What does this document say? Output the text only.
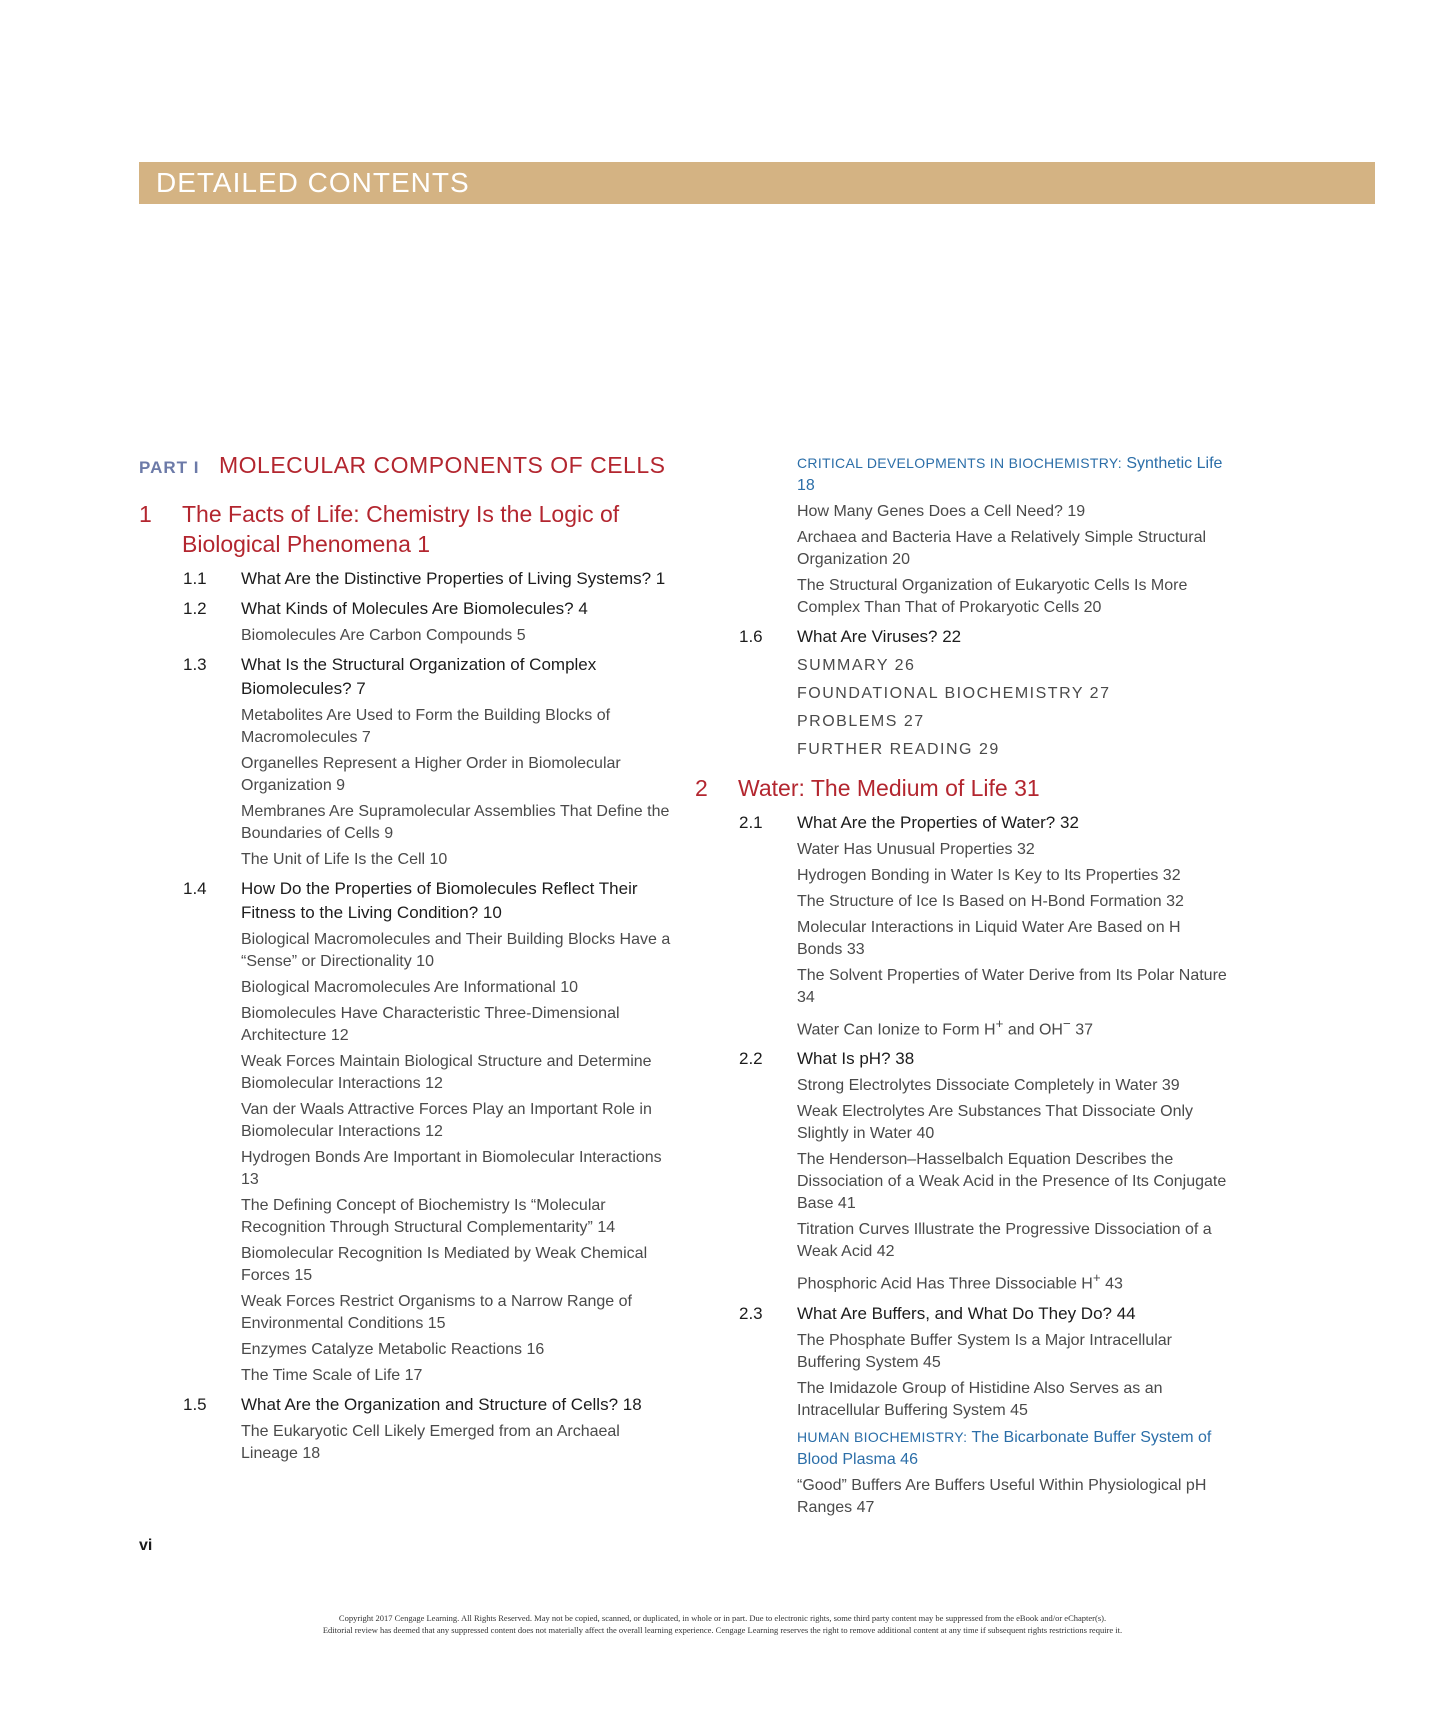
DETAILED CONTENTS
PART I MOLECULAR COMPONENTS OF CELLS
1	The Facts of Life: Chemistry Is the Logic of Biological Phenomena 1
1.1	What Are the Distinctive Properties of Living Systems? 1
1.2	What Kinds of Molecules Are Biomolecules? 4
Biomolecules Are Carbon Compounds 5
1.3	What Is the Structural Organization of Complex Biomolecules? 7
Metabolites Are Used to Form the Building Blocks of Macromolecules 7
Organelles Represent a Higher Order in Biomolecular Organization 9
Membranes Are Supramolecular Assemblies That Define the Boundaries of Cells 9
The Unit of Life Is the Cell 10
1.4	How Do the Properties of Biomolecules Reflect Their Fitness to the Living Condition? 10
Biological Macromolecules and Their Building Blocks Have a “Sense” or Directionality 10
Biological Macromolecules Are Informational 10
Biomolecules Have Characteristic Three-Dimensional Architecture 12
Weak Forces Maintain Biological Structure and Determine Biomolecular Interactions 12
Van der Waals Attractive Forces Play an Important Role in Biomolecular Interactions 12
Hydrogen Bonds Are Important in Biomolecular Interactions 13
The Defining Concept of Biochemistry Is “Molecular Recognition Through Structural Complementarity” 14
Biomolecular Recognition Is Mediated by Weak Chemical Forces 15
Weak Forces Restrict Organisms to a Narrow Range of Environmental Conditions 15
Enzymes Catalyze Metabolic Reactions 16
The Time Scale of Life 17
1.5	What Are the Organization and Structure of Cells? 18
The Eukaryotic Cell Likely Emerged from an Archaeal Lineage 18
CRITICAL DEVELOPMENTS IN BIOCHEMISTRY: Synthetic Life 18
How Many Genes Does a Cell Need? 19
Archaea and Bacteria Have a Relatively Simple Structural Organization 20
The Structural Organization of Eukaryotic Cells Is More Complex Than That of Prokaryotic Cells 20
1.6	What Are Viruses? 22
SUMMARY 26
FOUNDATIONAL BIOCHEMISTRY 27
PROBLEMS 27
FURTHER READING 29
2	Water: The Medium of Life 31
2.1	What Are the Properties of Water? 32
Water Has Unusual Properties 32
Hydrogen Bonding in Water Is Key to Its Properties 32
The Structure of Ice Is Based on H-Bond Formation 32
Molecular Interactions in Liquid Water Are Based on H Bonds 33
The Solvent Properties of Water Derive from Its Polar Nature 34
Water Can Ionize to Form H+ and OH− 37
2.2	What Is pH? 38
Strong Electrolytes Dissociate Completely in Water 39
Weak Electrolytes Are Substances That Dissociate Only Slightly in Water 40
The Henderson–Hasselbalch Equation Describes the Dissociation of a Weak Acid in the Presence of Its Conjugate Base 41
Titration Curves Illustrate the Progressive Dissociation of a Weak Acid 42
Phosphoric Acid Has Three Dissociable H+ 43
2.3	What Are Buffers, and What Do They Do? 44
The Phosphate Buffer System Is a Major Intracellular Buffering System 45
The Imidazole Group of Histidine Also Serves as an Intracellular Buffering System 45
HUMAN BIOCHEMISTRY: The Bicarbonate Buffer System of Blood Plasma 46
“Good” Buffers Are Buffers Useful Within Physiological pH Ranges 47
vi
Copyright 2017 Cengage Learning. All Rights Reserved. May not be copied, scanned, or duplicated, in whole or in part. Due to electronic rights, some third party content may be suppressed from the eBook and/or eChapter(s).
Editorial review has deemed that any suppressed content does not materially affect the overall learning experience. Cengage Learning reserves the right to remove additional content at any time if subsequent rights restrictions require it.
